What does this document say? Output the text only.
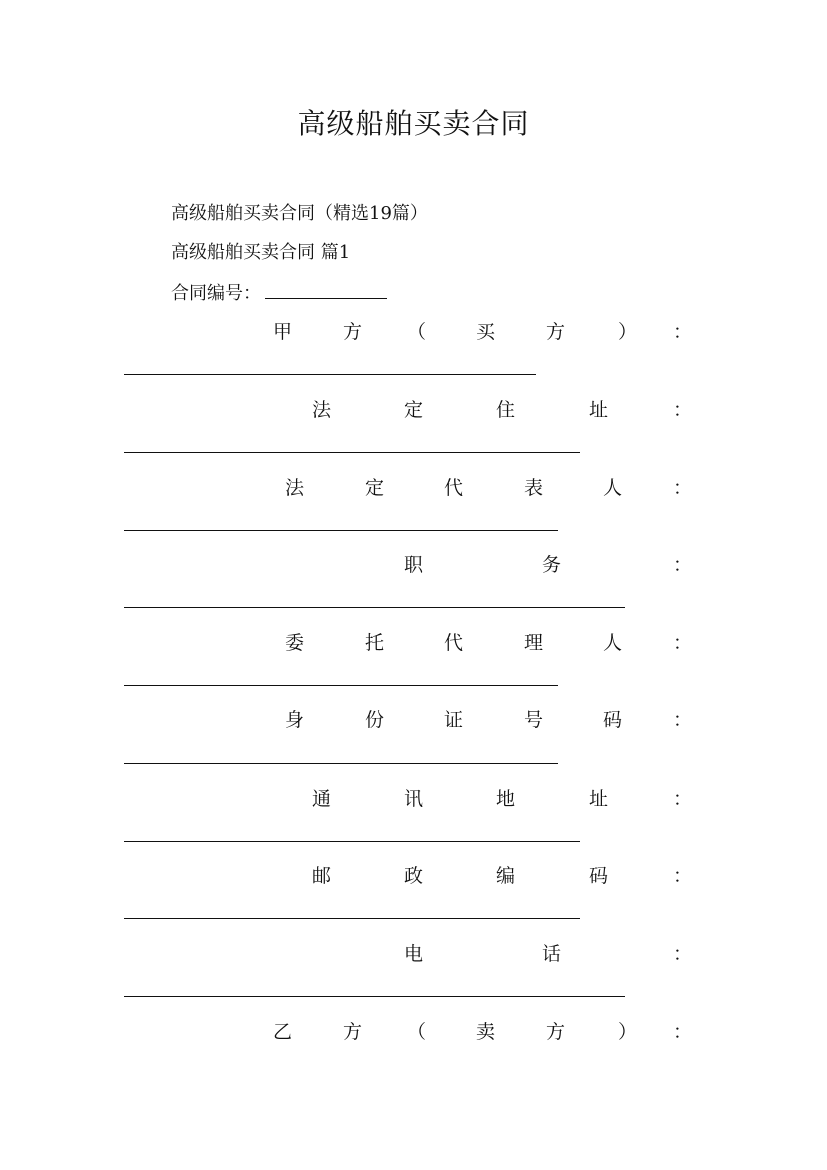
高级船舶买卖合同
高级船舶买卖合同（精选19篇）
高级船舶买卖合同 篇1
合同编号：
甲	方 （	买	方	） ：
法	定	住	址	：
法	定	代	表	人	：
职	务	：
委	托	代	理	人	：
身	份	证	号	码	：
通	讯	地	址	：
邮	政	编	码	：
电	话	：
乙	方 （	卖	方	） ：
